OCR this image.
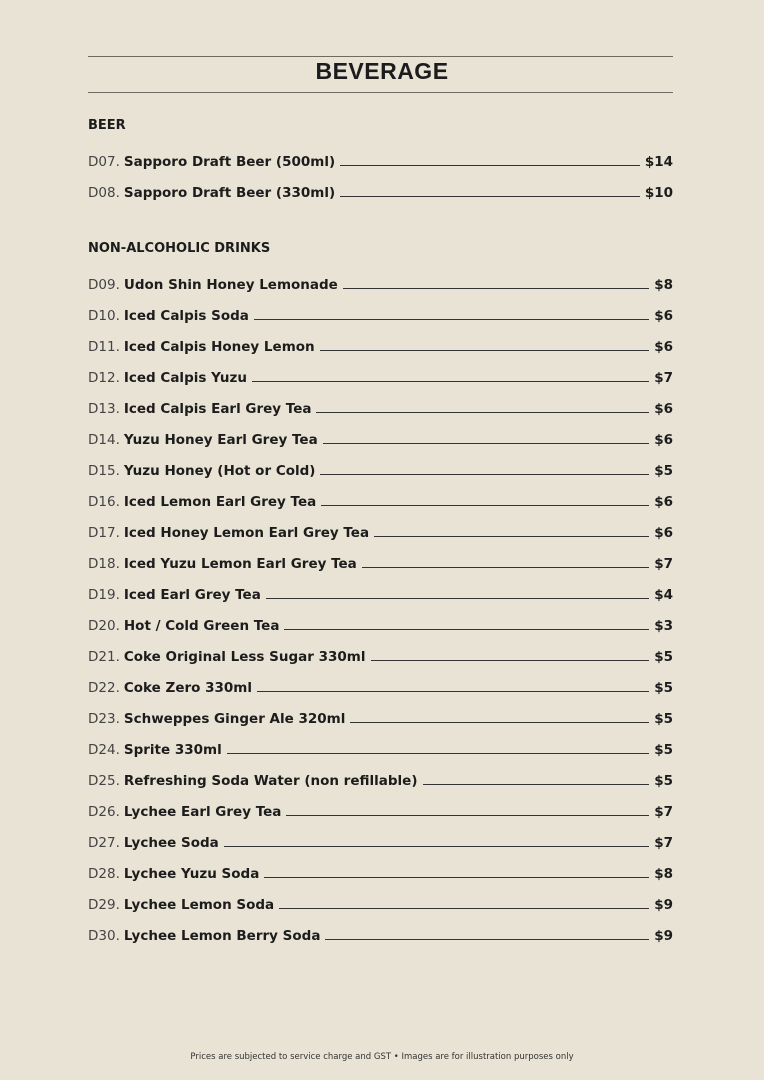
BEVERAGE
BEER
D07. Sapporo Draft Beer (500ml)	$14
D08. Sapporo Draft Beer (330ml)	$10
NON-ALCOHOLIC DRINKS
D09. Udon Shin Honey Lemonade	$8
D10. Iced Calpis Soda	$6
D11. Iced Calpis Honey Lemon	$6
D12. Iced Calpis Yuzu	$7
D13. Iced Calpis Earl Grey Tea	$6
D14. Yuzu Honey Earl Grey Tea	$6
D15. Yuzu Honey (Hot or Cold)	$5
D16. Iced Lemon Earl Grey Tea	$6
D17. Iced Honey Lemon Earl Grey Tea	$6
D18. Iced Yuzu Lemon Earl Grey Tea	$7
D19. Iced Earl Grey Tea	$4
D20. Hot / Cold Green Tea	$3
D21. Coke Original Less Sugar 330ml	$5
D22. Coke Zero 330ml	$5
D23. Schweppes Ginger Ale 320ml	$5
D24. Sprite 330ml	$5
D25. Refreshing Soda Water (non refillable)	$5
D26. Lychee Earl Grey Tea	$7
D27. Lychee Soda	$7
D28. Lychee Yuzu Soda	$8
D29. Lychee Lemon Soda	$9
D30. Lychee Lemon Berry Soda	$9
Prices are subjected to service charge and GST • Images are for illustration purposes only
